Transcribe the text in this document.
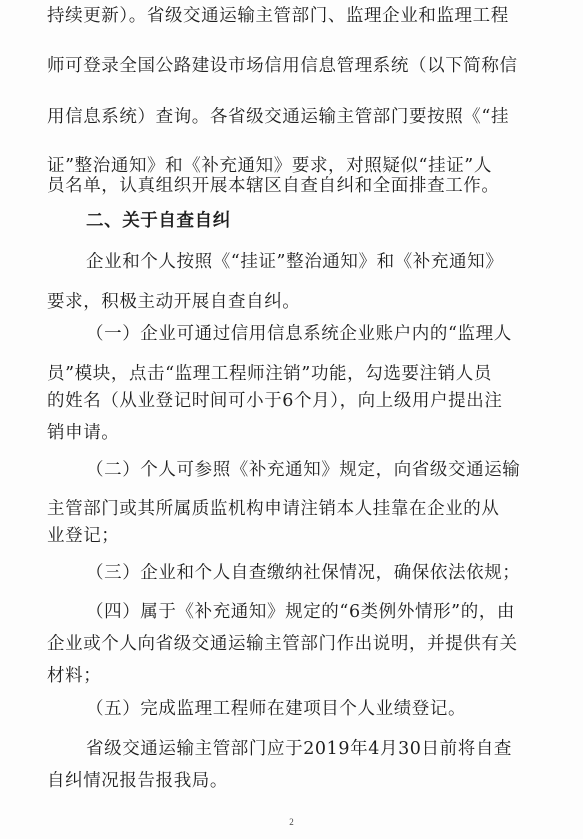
持续更新）。省级交通运输主管部门、监理企业和监理工程
师可登录全国公路建设市场信用信息管理系统（以下简称信
用信息系统）查询。各省级交通运输主管部门要按照《“挂
证”整治通知》和《补充通知》要求，对照疑似“挂证”人
员名单，认真组织开展本辖区自查自纠和全面排查工作。
二、关于自查自纠
企业和个人按照《“挂证”整治通知》和《补充通知》
要求，积极主动开展自查自纠。
（一）企业可通过信用信息系统企业账户内的“监理人
员”模块，点击“监理工程师注销”功能，勾选要注销人员
的姓名（从业登记时间可小于6个月），向上级用户提出注
销申请。
（二）个人可参照《补充通知》规定，向省级交通运输
主管部门或其所属质监机构申请注销本人挂靠在企业的从
业登记；
（三）企业和个人自查缴纳社保情况，确保依法依规；
（四）属于《补充通知》规定的“6类例外情形”的，由
企业或个人向省级交通运输主管部门作出说明，并提供有关
材料；
（五）完成监理工程师在建项目个人业绩登记。
省级交通运输主管部门应于2019年4月30日前将自查
自纠情况报告报我局。
2
